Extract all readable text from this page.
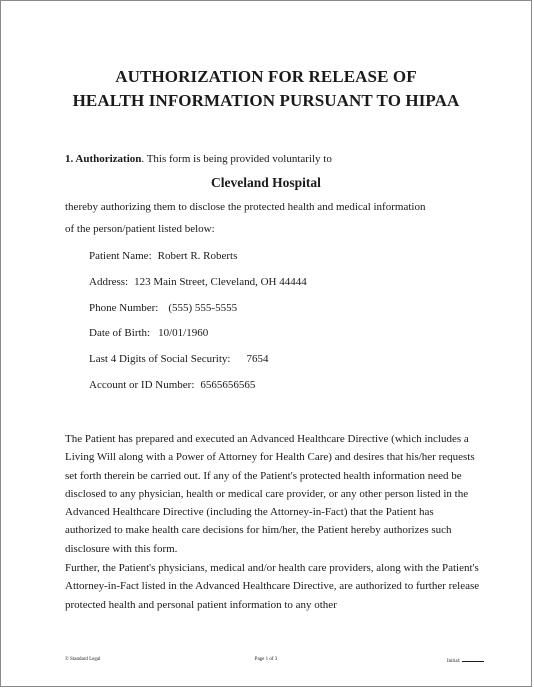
AUTHORIZATION FOR RELEASE OF
HEALTH INFORMATION PURSUANT TO HIPAA
1. Authorization. This form is being provided voluntarily to
Cleveland Hospital
thereby authorizing them to disclose the protected health and medical information
of the person/patient listed below:
Patient Name: Robert R. Roberts
Address: 123 Main Street, Cleveland, OH 44444
Phone Number: (555) 555-5555
Date of Birth: 10/01/1960
Last 4 Digits of Social Security: 7654
Account or ID Number: 6565656565
The Patient has prepared and executed an Advanced Healthcare Directive (which includes a Living Will along with a Power of Attorney for Health Care) and desires that his/her requests set forth therein be carried out. If any of the Patient's protected health information need be disclosed to any physician, health or medical care provider, or any other person listed in the Advanced Healthcare Directive (including the Attorney-in-Fact) that the Patient has authorized to make health care decisions for him/her, the Patient hereby authorizes such disclosure with this form.
Further, the Patient's physicians, medical and/or health care providers, along with the Patient's Attorney-in-Fact listed in the Advanced Healthcare Directive, are authorized to further release protected health and personal patient information to any other
© Standard Legal	Page 1 of 3	Initial:
